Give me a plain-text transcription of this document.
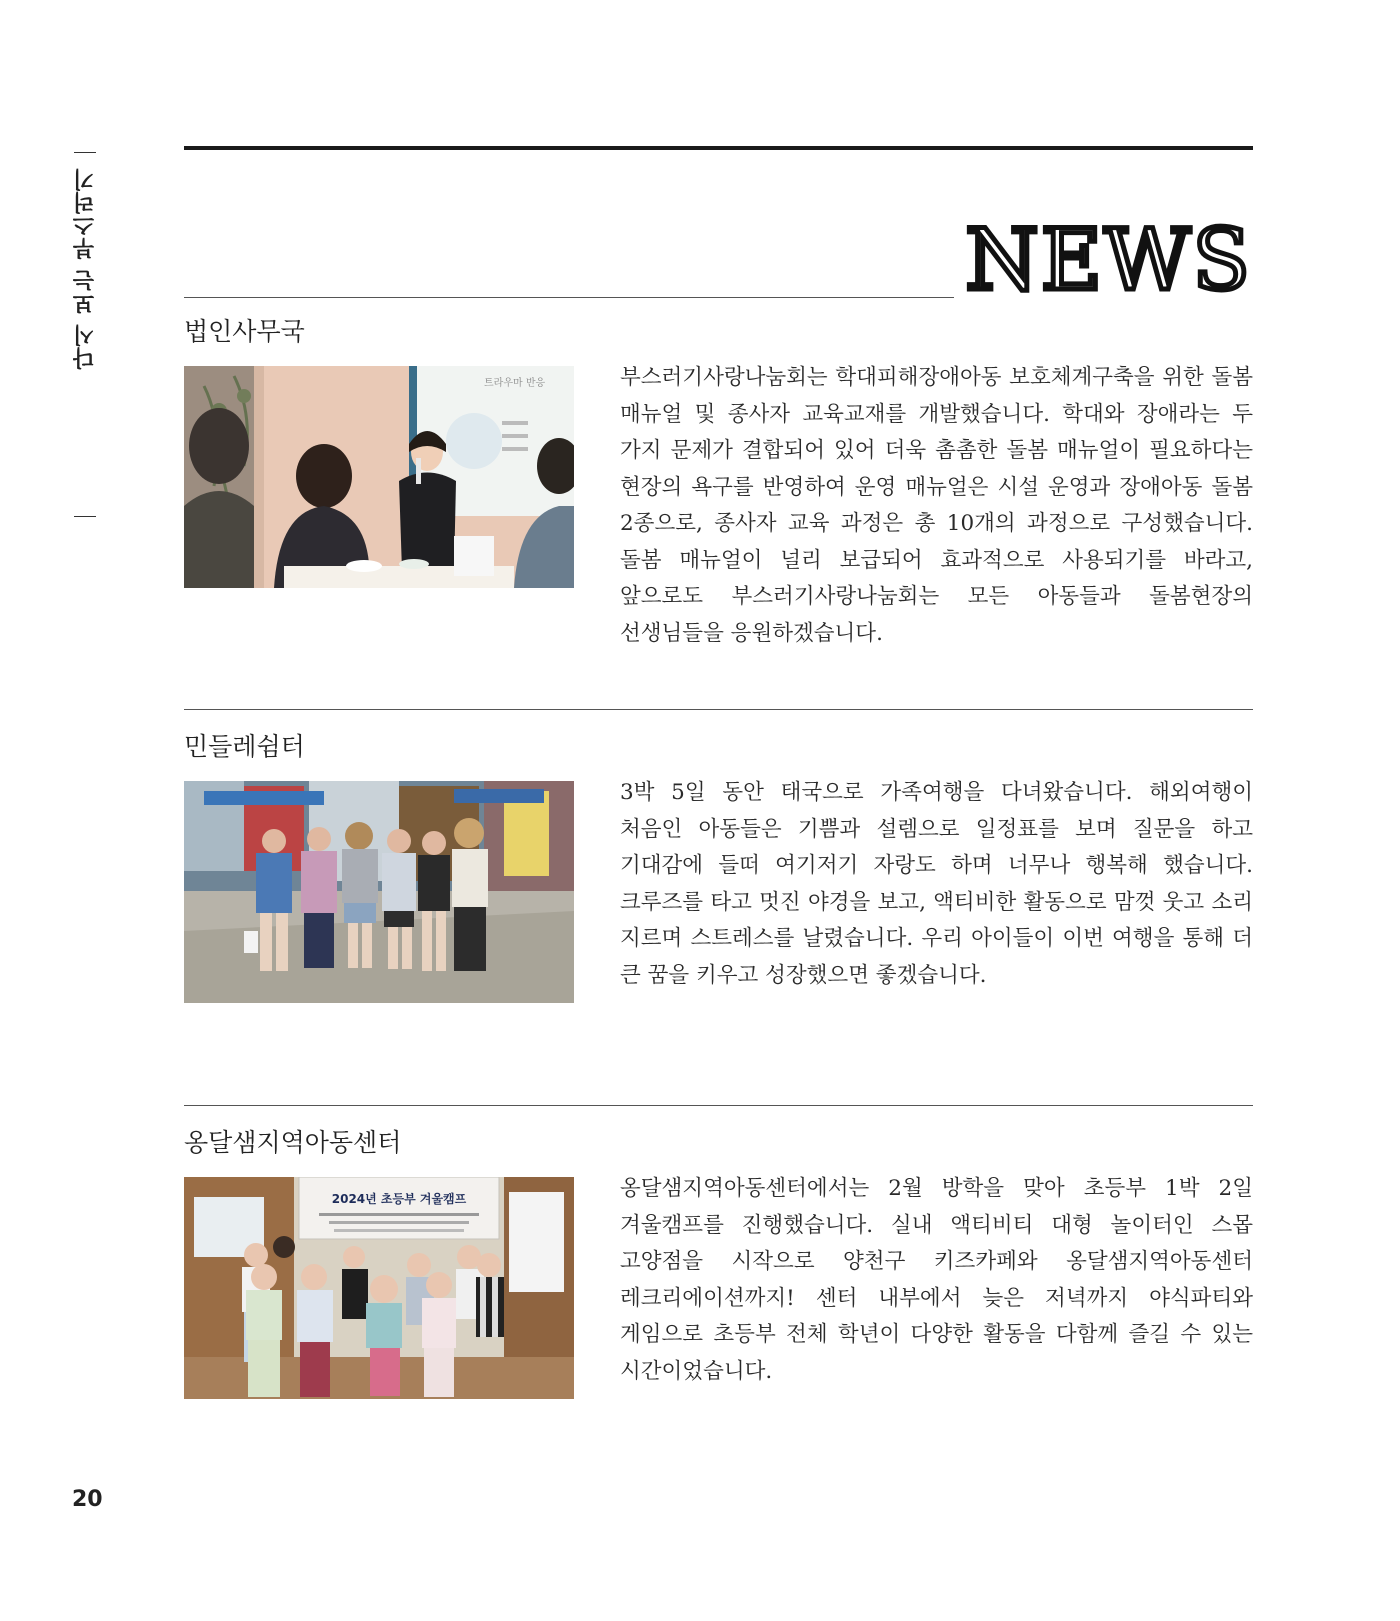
다시 보는 부스러기	NEWS
법인사무국
트라우마 반응	부스러기사랑나눔회는 학대피해장애아동 보호체계구축을 위한 돌봄 매뉴얼 및 종사자 교육교재를 개발했습니다. 학대와 장애라는 두 가지 문제가 결합되어 있어 더욱 촘촘한 돌봄 매뉴얼이 필요하다는 현장의 욕구를 반영하여 운영 매뉴얼은 시설 운영과 장애아동 돌봄 2종으로, 종사자 교육 과정은 총 10개의 과정으로 구성했습니다. 돌봄 매뉴얼이 널리 보급되어 효과적으로 사용되기를 바라고, 앞으로도 부스러기사랑나눔회는 모든 아동들과 돌봄현장의 선생님들을 응원하겠습니다.

민들레쉼터

3박 5일 동안 태국으로 가족여행을 다녀왔습니다. 해외여행이 처음인 아동들은 기쁨과 설렘으로 일정표를 보며 질문을 하고 기대감에 들떠 여기저기 자랑도 하며 너무나 행복해 했습니다. 크루즈를 타고 멋진 야경을 보고, 액티비한 활동으로 맘껏 웃고 소리 지르며 스트레스를 날렸습니다. 우리 아이들이 이번 여행을 통해 더 큰 꿈을 키우고 성장했으면 좋겠습니다.

옹달샘지역아동센터
2024년 초등부 겨울캠프	옹달샘지역아동센터에서는 2월 방학을 맞아 초등부 1박 2일 겨울캠프를 진행했습니다. 실내 액티비티 대형 놀이터인 스몹 고양점을 시작으로 양천구 키즈카페와 옹달샘지역아동센터 레크리에이션까지! 센터 내부에서 늦은 저녁까지 야식파티와 게임으로 초등부 전체 학년이 다양한 활동을 다함께 즐길 수 있는 시간이었습니다.

20
